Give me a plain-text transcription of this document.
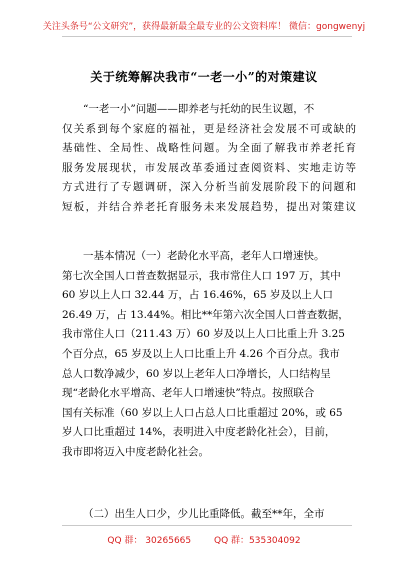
关注头条号“公文研究”，获得最新最全最专业的公文资料库！ 微信：gongwenyj
关于统筹解决我市“一老一小”的对策建议
“一老一小”问题——即养老与托幼的民生议题，不
仅关系到每个家庭的福祉，更是经济社会发展不可或缺的
基础性、全局性、战略性问题。为全面了解我市养老托育
服务发展现状，市发展改革委通过查阅资料、实地走访等
方式进行了专题调研，深入分析当前发展阶段下的问题和
短板，并结合养老托育服务未来发展趋势，提出对策建议
一基本情况（一）老龄化水平高，老年人口增速快。
第七次全国人口普查数据显示，我市常住人口 197 万，其中
60 岁以上人口 32.44 万，占 16.46%，65 岁及以上人口
26.49 万，占 13.44%。相比**年第六次全国人口普查数据，
我市常住人口（211.43 万）60 岁及以上人口比重上升 3.25
个百分点，65 岁及以上人口比重上升 4.26 个百分点。我市
总人口数净减少，60 岁以上老年人口净增长，人口结构呈
现“老龄化水平增高、老年人口增速快”特点。按照联合
国有关标准（60 岁以上人口占总人口比重超过 20%，或 65
岁人口比重超过 14%，表明进入中度老龄化社会），目前，
我市即将迈入中度老龄化社会。
（二）出生人口少，少儿比重降低。截至**年，全市
QQ 群： 30265665	QQ 群：535304092
